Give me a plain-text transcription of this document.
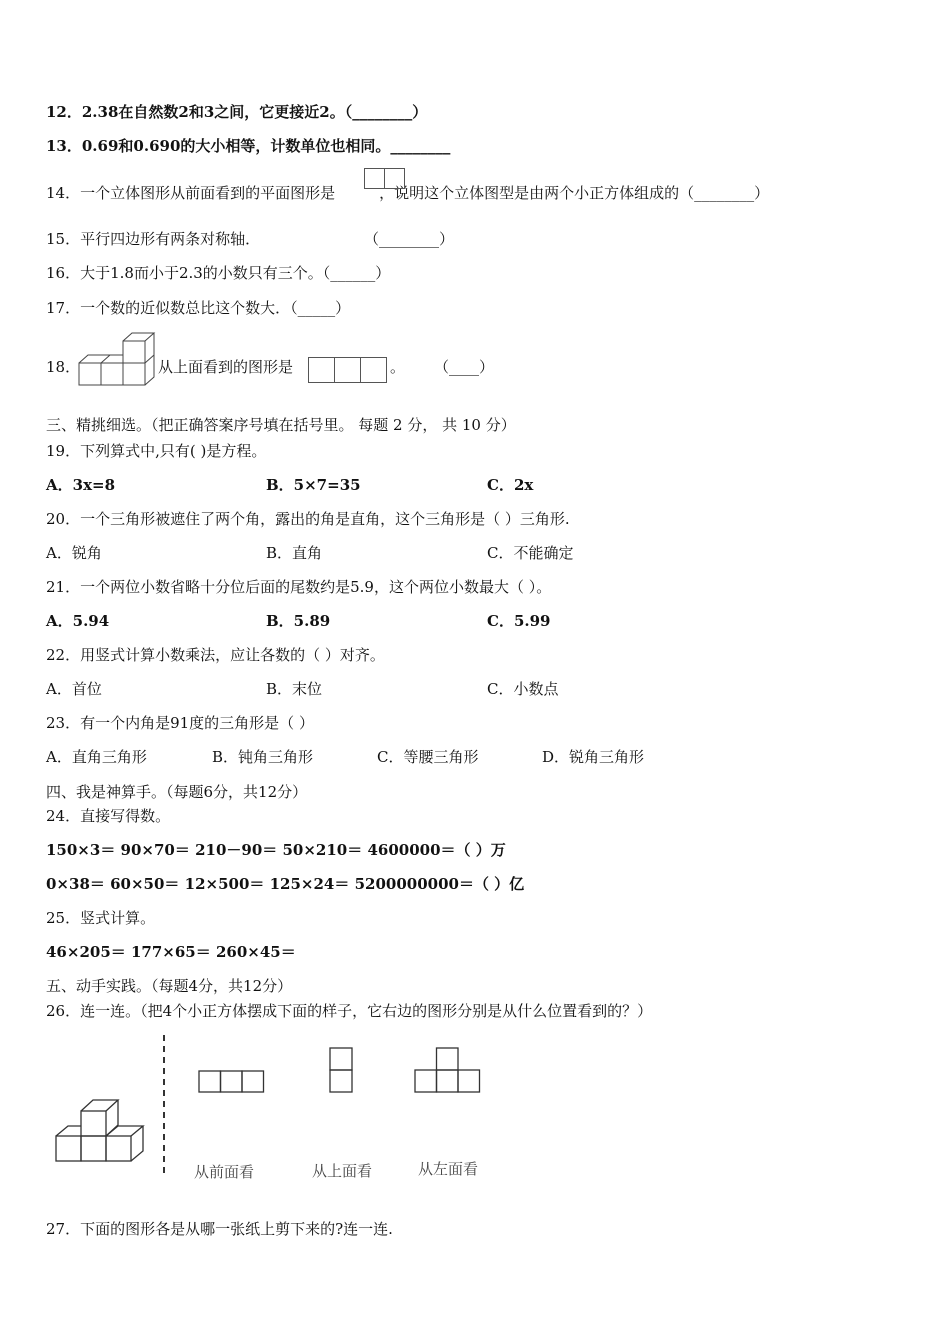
12．2.38在自然数2和3之间，它更接近2。（________）
13．0.69和0.690的大小相等，计数单位也相同。________
14．一个立体图形从前面看到的平面图形是	，说明这个立体图型是由两个小正方体组成的（________）
15．平行四边形有两条对称轴．	（________）
16．大于1.8而小于2.3的小数只有三个。（______）
17．一个数的近似数总比这个数大．（_____）
18．	从上面看到的图形是	。 （____）
三、精挑细选。（把正确答案序号填在括号里。 每题 2 分， 共 10 分）
19．下列算式中,只有( )是方程。
A．3x=8	B．5×7=35	C．2x
20．一个三角形被遮住了两个角，露出的角是直角，这个三角形是（ ）三角形.
A．锐角	B．直角	C．不能确定
21．一个两位小数省略十分位后面的尾数约是5.9，这个两位小数最大（ ）。
A．5.94	B．5.89	C．5.99
22．用竖式计算小数乘法，应让各数的（ ）对齐。
A．首位	B．末位	C．小数点
23．有一个内角是91度的三角形是（ ）
A．直角三角形	B．钝角三角形	C．等腰三角形	D．锐角三角形
四、我是神算手。（每题6分，共12分）
24．直接写得数。
150×3＝ 90×70＝ 210－90＝ 50×210＝ 4600000＝（ ）万
0×38＝ 60×50＝ 12×500＝ 125×24＝ 5200000000＝（ ）亿
25．竖式计算。
46×205＝ 177×65＝ 260×45＝
五、动手实践。（每题4分，共12分）
26．连一连。（把4个小正方体摆成下面的样子，它右边的图形分别是从什么位置看到的？）
从前面看	从上面看	从左面看
27．下面的图形各是从哪一张纸上剪下来的?连一连.
